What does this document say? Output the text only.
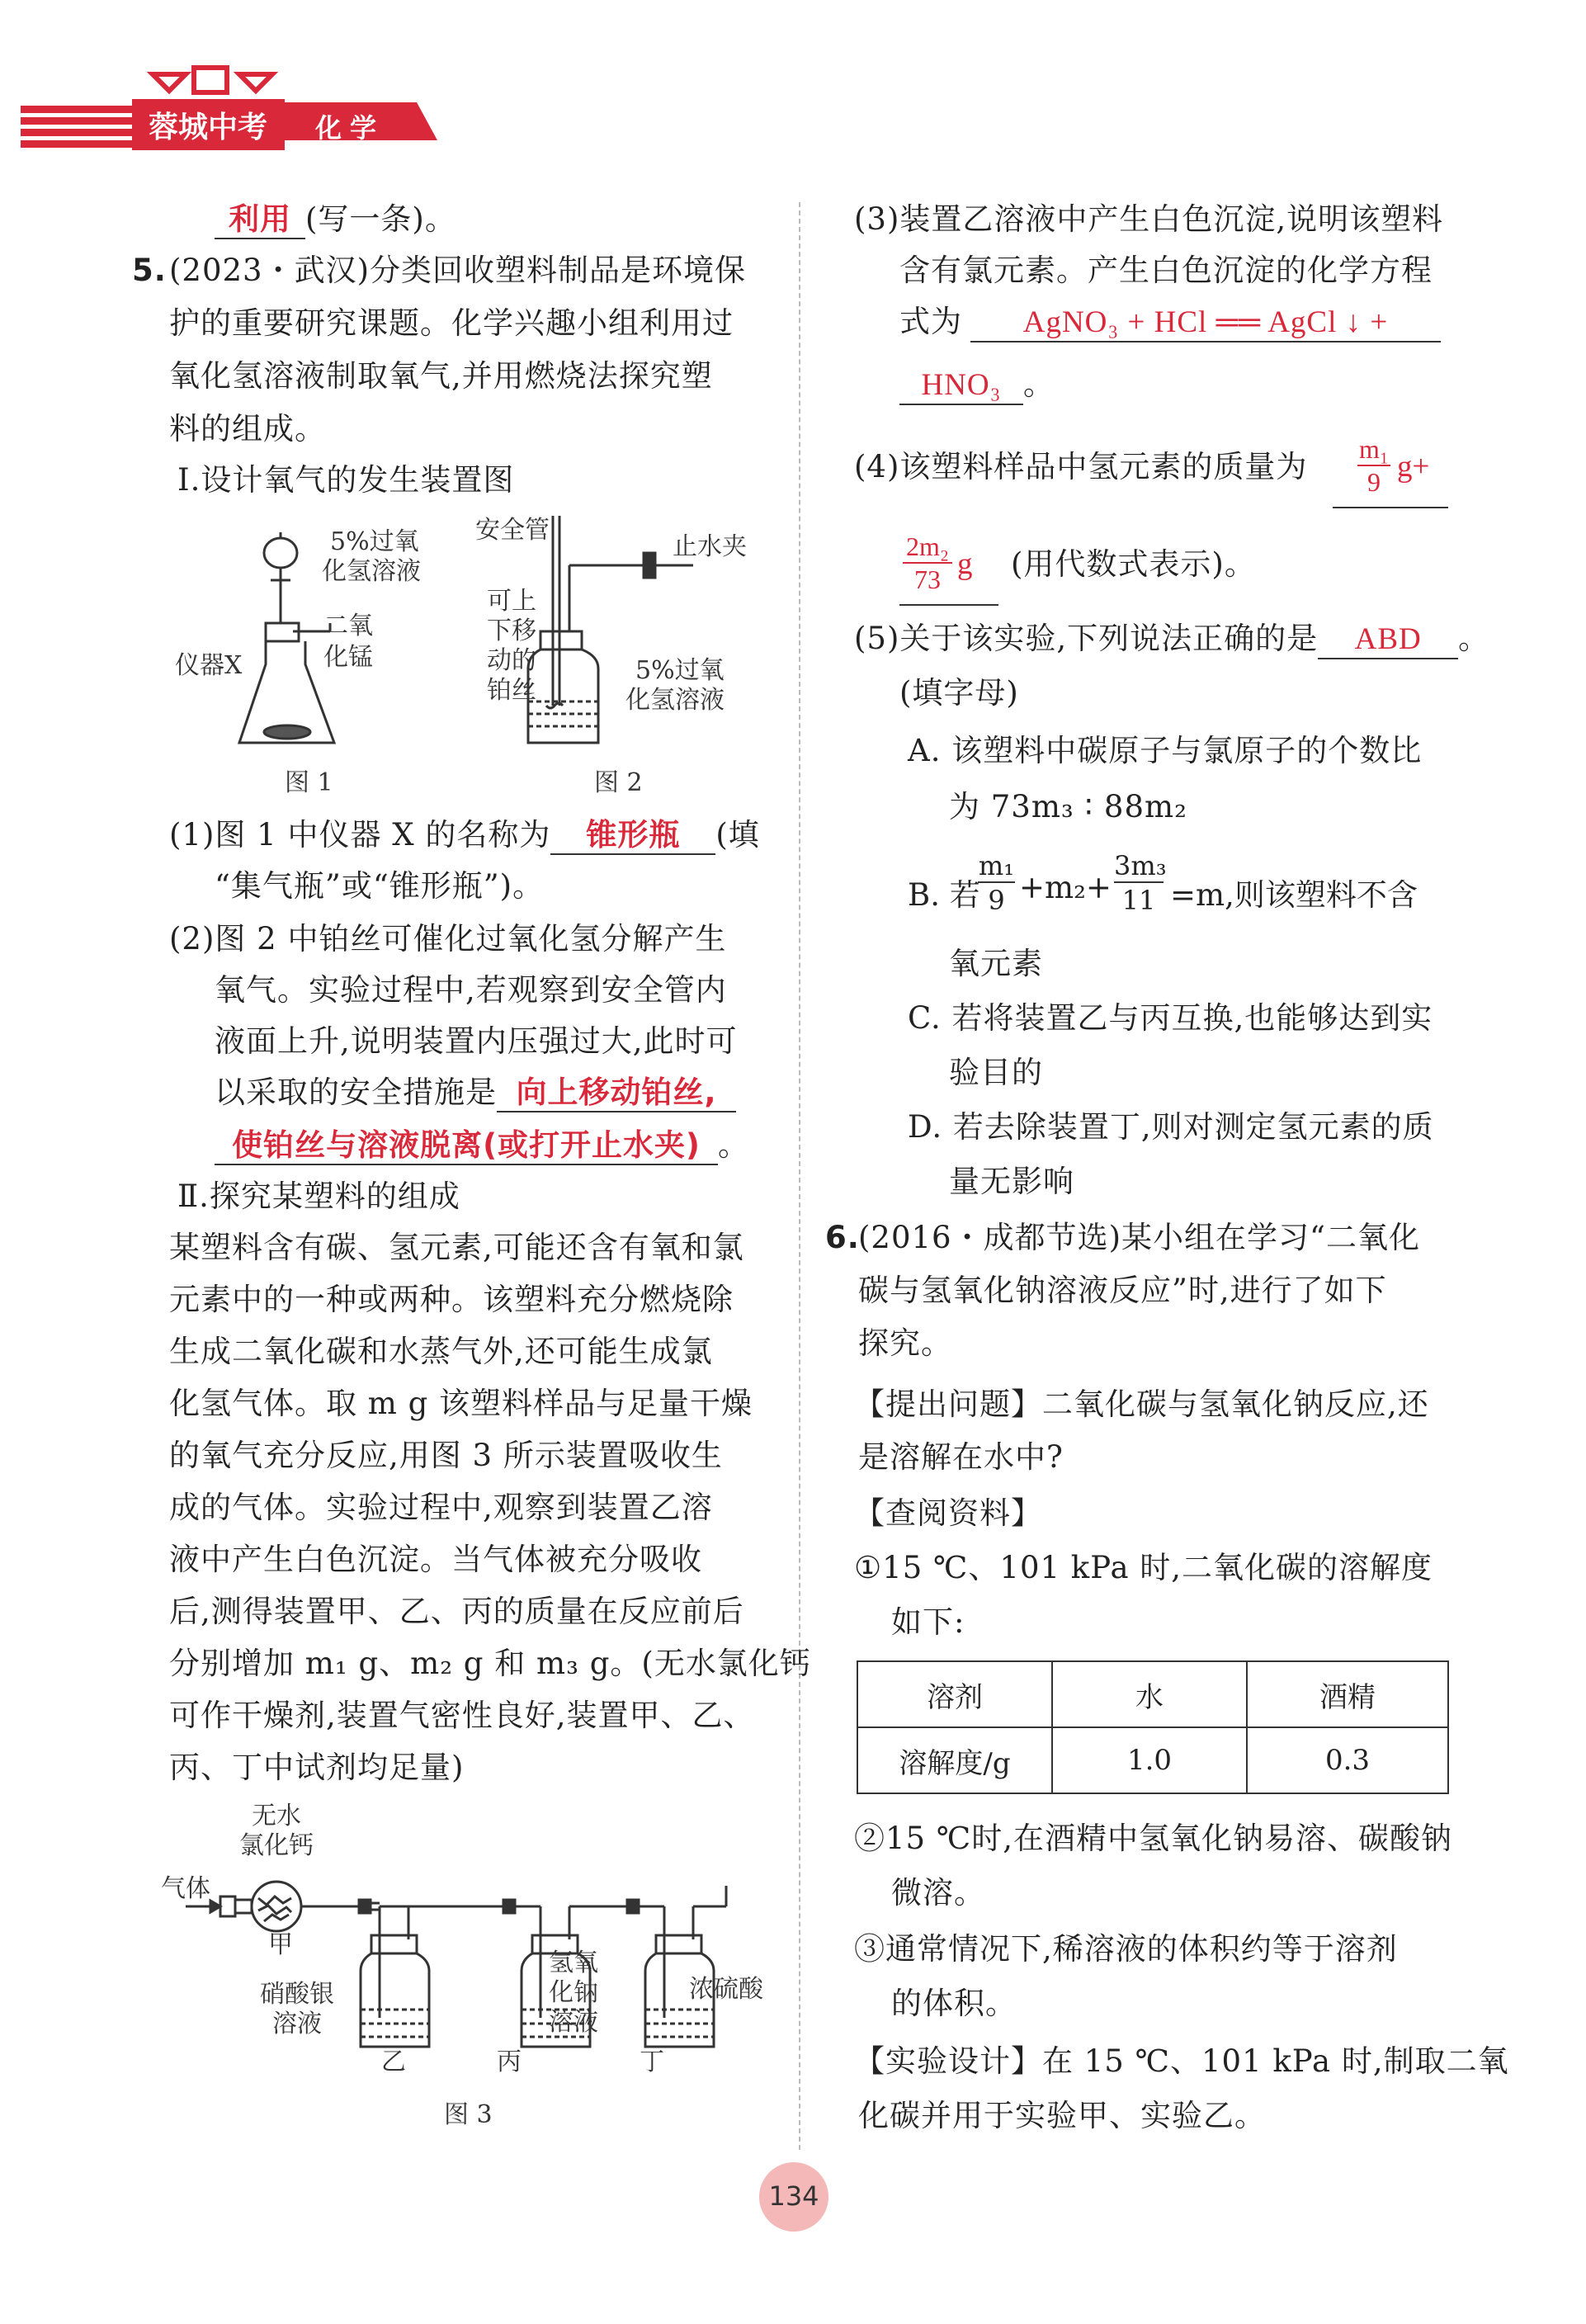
蓉城中考 化学
利用 (写一条)。
5. (2023・武汉)分类回收塑料制品是环境保
护的重要研究课题。化学兴趣小组利用过
氧化氢溶液制取氧气,并用燃烧法探究塑
料的组成。
Ⅰ.设计氧气的发生装置图
5%过氧
化氢溶液
二氧
化锰
仪器X
图 1
安全管
止水夹
可上
下移
动的
铂丝
5%过氧
化氢溶液
图 2
(1)图 1 中仪器 X 的名称为 锥形瓶 (填
“集气瓶”或“锥形瓶”)。
(2)图 2 中铂丝可催化过氧化氢分解产生
氧气。实验过程中,若观察到安全管内
液面上升,说明装置内压强过大,此时可
以采取的安全措施是 向上移动铂丝,
使铂丝与溶液脱离(或打开止水夹) 。
Ⅱ.探究某塑料的组成
某塑料含有碳、氢元素,可能还含有氧和氯
元素中的一种或两种。该塑料充分燃烧除
生成二氧化碳和水蒸气外,还可能生成氯
化氢气体。取 m g 该塑料样品与足量干燥
的氧气充分反应,用图 3 所示装置吸收生
成的气体。实验过程中,观察到装置乙溶
液中产生白色沉淀。当气体被充分吸收
后,测得装置甲、乙、丙的质量在反应前后
分别增加 m₁ g、m₂ g 和 m₃ g。(无水氯化钙
可作干燥剂,装置气密性良好,装置甲、乙、
丙、丁中试剂均足量)
无水
氯化钙
气体
甲
硝酸银
溶液
氢氧
化钠
溶液
浓硫酸
乙	丙	丁
图 3
(3)装置乙溶液中产生白色沉淀,说明该塑料
含有氯元素。产生白色沉淀的化学方程
式为 AgNO₃ + HCl ══ AgCl ↓ +
HNO₃ 。
(4)该塑料样品中氢元素的质量为 m₁
9 g+
2m₂
73 g (用代数式表示)。
(5)关于该实验,下列说法正确的是 ABD 。
(填字母)
A. 该塑料中碳原子与氯原子的个数比
为 73m₃ ∶ 88m₂
B. 若
m₁
9 +m₂+
3m₃
11 =m,则该塑料不含
氧元素
C. 若将装置乙与丙互换,也能够达到实
验目的
D. 若去除装置丁,则对测定氢元素的质
量无影响
6.
(2016・成都节选)某小组在学习“二氧化
碳与氢氧化钠溶液反应”时,进行了如下
探究。
【提出问题】二氧化碳与氢氧化钠反应,还
是溶解在水中?
【查阅资料】
①15 ℃、101 kPa 时,二氧化碳的溶解度
如下:
溶剂	水	酒精
溶解度/g	1.0	0.3
②15 ℃时,在酒精中氢氧化钠易溶、碳酸钠
微溶。
③通常情况下,稀溶液的体积约等于溶剂
的体积。
【实验设计】在 15 ℃、101 kPa 时,制取二氧
化碳并用于实验甲、实验乙。
134
